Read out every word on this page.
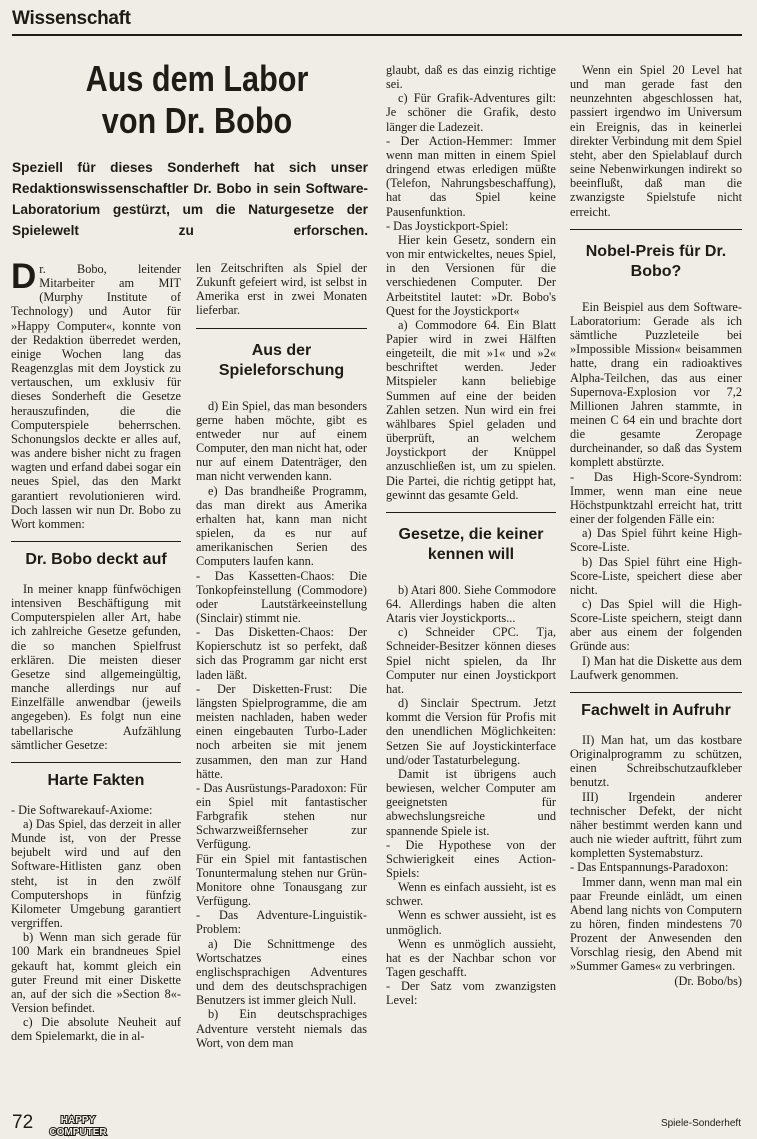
Wissenschaft
Aus dem Labor
von Dr. Bobo
Speziell für dieses Sonderheft hat sich unser Redaktionswissenschaftler Dr. Bobo in sein Software-Laboratorium gestürzt, um die Naturgesetze der Spielewelt zu erforschen.

Dr. Bobo, leitender Mitarbeiter am MIT (Murphy Institute of Technology) und Autor für »Happy Computer«, konnte von der Redaktion überredet werden, einige Wochen lang das Reagenzglas mit dem Joystick zu vertauschen, um exklusiv für dieses Sonderheft die Gesetze herauszufinden, die die Computerspiele beherrschen. Schonungslos deckte er alles auf, was andere bisher nicht zu fragen wagten und erfand dabei sogar ein neues Spiel, das den Markt garantiert revolutionieren wird. Doch lassen wir nun Dr. Bobo zu Wort kommen:

Dr. Bobo deckt auf

In meiner knapp fünfwöchigen intensiven Beschäftigung mit Computerspielen aller Art, habe ich zahlreiche Gesetze gefunden, die so manchen Spielfrust erklären. Die meisten dieser Gesetze sind allgemeingültig, manche allerdings nur auf Einzelfälle anwendbar (jeweils angegeben). Es folgt nun eine tabellarische Aufzählung sämtlicher Gesetze:

Harte Fakten

- Die Softwarekauf-Axiome:

a) Das Spiel, das derzeit in aller Munde ist, von der Presse bejubelt wird und auf den Software-Hitlisten ganz oben steht, ist in den zwölf Computershops in fünfzig Kilometer Umgebung garantiert vergriffen.

b) Wenn man sich gerade für 100 Mark ein brandneues Spiel gekauft hat, kommt gleich ein guter Freund mit einer Diskette an, auf der sich die »Section 8«-Version befindet.

c) Die absolute Neuheit auf dem Spielemarkt, die in al-

len Zeitschriften als Spiel der Zukunft gefeiert wird, ist selbst in Amerika erst in zwei Monaten lieferbar.

Aus der Spieleforschung

d) Ein Spiel, das man besonders gerne haben möchte, gibt es entweder nur auf einem Computer, den man nicht hat, oder nur auf einem Datenträger, den man nicht verwenden kann.

e) Das brandheiße Programm, das man direkt aus Amerika erhalten hat, kann man nicht spielen, da es nur auf amerikanischen Serien des Computers laufen kann.

- Das Kassetten-Chaos: Die Tonkopfeinstellung (Commodore) oder Lautstärkeeinstellung (Sinclair) stimmt nie.

- Das Disketten-Chaos: Der Kopierschutz ist so perfekt, daß sich das Programm gar nicht erst laden läßt.

- Der Disketten-Frust: Die längsten Spielprogramme, die am meisten nachladen, haben weder einen eingebauten Turbo-Lader noch arbeiten sie mit jenem zusammen, den man zur Hand hätte.

- Das Ausrüstungs-Paradoxon: Für ein Spiel mit fantastischer Farbgrafik stehen nur Schwarzweißfernseher zur Verfügung.

Für ein Spiel mit fantastischen Tonuntermalung stehen nur Grün-Monitore ohne Tonausgang zur Verfügung.

- Das Adventure-Linguistik-Problem:

a) Die Schnittmenge des Wortschatzes eines englischsprachigen Adventures und dem des deutschsprachigen Benutzers ist immer gleich Null.

b) Ein deutschsprachiges Adventure versteht niemals das Wort, von dem man

glaubt, daß es das einzig richtige sei.

c) Für Grafik-Adventures gilt: Je schöner die Grafik, desto länger die Ladezeit.

- Der Action-Hemmer: Immer wenn man mitten in einem Spiel dringend etwas erledigen müßte (Telefon, Nahrungsbeschaffung), hat das Spiel keine Pausenfunktion.

- Das Joystickport-Spiel:

Hier kein Gesetz, sondern ein von mir entwickeltes, neues Spiel, in den Versionen für die verschiedenen Computer. Der Arbeitstitel lautet: »Dr. Bobo's Quest for the Joystickport«

a) Commodore 64. Ein Blatt Papier wird in zwei Hälften eingeteilt, die mit »1« und »2« beschriftet werden. Jeder Mitspieler kann beliebige Summen auf eine der beiden Zahlen setzen. Nun wird ein frei wählbares Spiel geladen und überprüft, an welchem Joystickport der Knüppel anzuschließen ist, um zu spielen. Die Partei, die richtig getippt hat, gewinnt das gesamte Geld.

Gesetze, die keiner kennen will

b) Atari 800. Siehe Commodore 64. Allerdings haben die alten Ataris vier Joystickports...

c) Schneider CPC. Tja, Schneider-Besitzer können dieses Spiel nicht spielen, da Ihr Computer nur einen Joystickport hat.

d) Sinclair Spectrum. Jetzt kommt die Version für Profis mit den unendlichen Möglichkeiten: Setzen Sie auf Joystickinterface und/oder Tastaturbelegung.

Damit ist übrigens auch bewiesen, welcher Computer am geeignetsten für abwechslungsreiche und spannende Spiele ist.

- Die Hypothese von der Schwierigkeit eines Action-Spiels:

Wenn es einfach aussieht, ist es schwer.

Wenn es schwer aussieht, ist es unmöglich.

Wenn es unmöglich aussieht, hat es der Nachbar schon vor Tagen geschafft.

- Der Satz vom zwanzigsten Level:

Wenn ein Spiel 20 Level hat und man gerade fast den neunzehnten abgeschlossen hat, passiert irgendwo im Universum ein Ereignis, das in keinerlei direkter Verbindung mit dem Spiel steht, aber den Spielablauf durch seine Nebenwirkungen indirekt so beeinflußt, daß man die zwanzigste Spielstufe nicht erreicht.

Nobel-Preis für Dr. Bobo?

Ein Beispiel aus dem Software-Laboratorium: Gerade als ich sämtliche Puzzleteile bei »Impossible Mission« beisammen hatte, drang ein radioaktives Alpha-Teilchen, das aus einer Supernova-Explosion vor 7,2 Millionen Jahren stammte, in meinen C 64 ein und brachte dort die gesamte Zeropage durcheinander, so daß das System komplett abstürzte.

- Das High-Score-Syndrom: Immer, wenn man eine neue Höchstpunktzahl erreicht hat, tritt einer der folgenden Fälle ein:

a) Das Spiel führt keine High-Score-Liste.

b) Das Spiel führt eine High-Score-Liste, speichert diese aber nicht.

c) Das Spiel will die High-Score-Liste speichern, steigt dann aber aus einem der folgenden Gründe aus:

I) Man hat die Diskette aus dem Laufwerk genommen.

Fachwelt in Aufruhr

II) Man hat, um das kostbare Originalprogramm zu schützen, einen Schreibschutzaufkleber benutzt.

III) Irgendein anderer technischer Defekt, der nicht näher bestimmt werden kann und auch nie wieder auftritt, führt zum kompletten Systemabsturz.

- Das Entspannungs-Paradoxon:

Immer dann, wenn man mal ein paar Freunde einlädt, um einen Abend lang nichts von Computern zu hören, finden mindestens 70 Prozent der Anwesenden den Vorschlag riesig, den Abend mit »Summer Games« zu verbringen.

(Dr. Bobo/bs)

72	HAPPY
COMPUTER
Spiele-Sonderheft
